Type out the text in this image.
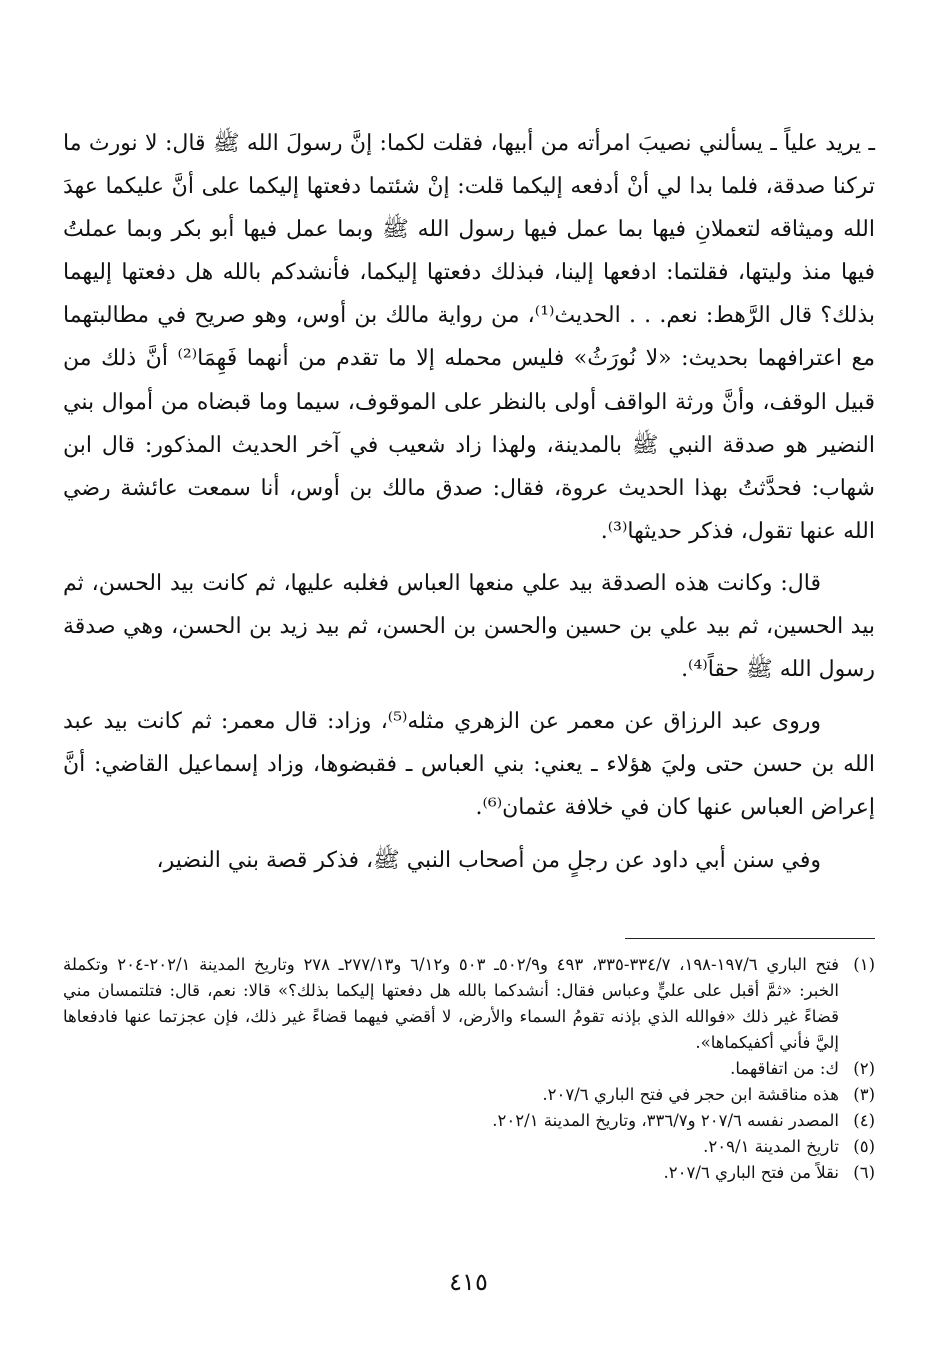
ـ يريد علياً ـ يسألني نصيبَ امرأته من أبيها، فقلت لكما: إنَّ رسولَ الله ﷺ قال: لا نورث ما تركنا صدقة، فلما بدا لي أنْ أدفعه إليكما قلت: إنْ شئتما دفعتها إليكما على أنَّ عليكما عهدَ الله وميثاقه لتعملانِ فيها بما عمل فيها رسول الله ﷺ وبما عمل فيها أبو بكر وبما عملتُ فيها منذ وليتها، فقلتما: ادفعها إلينا، فبذلك دفعتها إليكما، فأنشدكم بالله هل دفعتها إليهما بذلك؟ قال الرَّهط: نعم. . . الحديث⁽¹⁾، من رواية مالك بن أوس، وهو صريح في مطالبتهما مع اعترافهما بحديث: «لا نُورَثُ» فليس محمله إلا ما تقدم من أنهما فَهِمَا⁽²⁾ أنَّ ذلك من قبيل الوقف، وأنَّ ورثة الواقف أولى بالنظر على الموقوف، سيما وما قبضاه من أموال بني النضير هو صدقة النبي ﷺ بالمدينة، ولهذا زاد شعيب في آخر الحديث المذكور: قال ابن شهاب: فحدَّثتُ بهذا الحديث عروة، فقال: صدق مالك بن أوس، أنا سمعت عائشة رضي الله عنها تقول، فذكر حديثها⁽³⁾.

قال: وكانت هذه الصدقة بيد علي منعها العباس فغلبه عليها، ثم كانت بيد الحسن، ثم بيد الحسين، ثم بيد علي بن حسين والحسن بن الحسن، ثم بيد زيد بن الحسن، وهي صدقة رسول الله ﷺ حقاً⁽⁴⁾.

وروى عبد الرزاق عن معمر عن الزهري مثله⁽⁵⁾، وزاد: قال معمر: ثم كانت بيد عبد الله بن حسن حتى وليَ هؤلاء ـ يعني: بني العباس ـ فقبضوها، وزاد إسماعيل القاضي: أنَّ إعراض العباس عنها كان في خلافة عثمان⁽⁶⁾.

وفي سنن أبي داود عن رجلٍ من أصحاب النبي ﷺ، فذكر قصة بني النضير،

(١)
فتح الباري ١٩٧/٦-١٩٨، ٣٣٤/٧-٣٣٥، ٤٩٣ و٥٠٢/٩ـ ٥٠٣ و٦/١٢ و٢٧٧/١٣ـ ٢٧٨ وتاريخ المدينة ٢٠٢/١-٢٠٤ وتكملة الخبر: «ثمَّ أقبل على عليٍّ وعباس فقال: أنشدكما بالله هل دفعتها إليكما بذلك؟» قالا: نعم، قال: فتلتمسان مني قضاءً غير ذلك «فوالله الذي بإذنه تقومُ السماء والأرض، لا أقضي فيهما قضاءً غير ذلك، فإن عجزتما عنها فادفعاها إليَّ فأني أكفيكماها».
(٢)
ك: من اتفاقهما.
(٣)
هذه مناقشة ابن حجر في فتح الباري ٢٠٧/٦.
(٤)
المصدر نفسه ٢٠٧/٦ و٣٣٦/٧، وتاريخ المدينة ٢٠٢/١.
(٥)
تاريخ المدينة ٢٠٩/١.
(٦)
نقلاً من فتح الباري ٢٠٧/٦.
٤١٥
